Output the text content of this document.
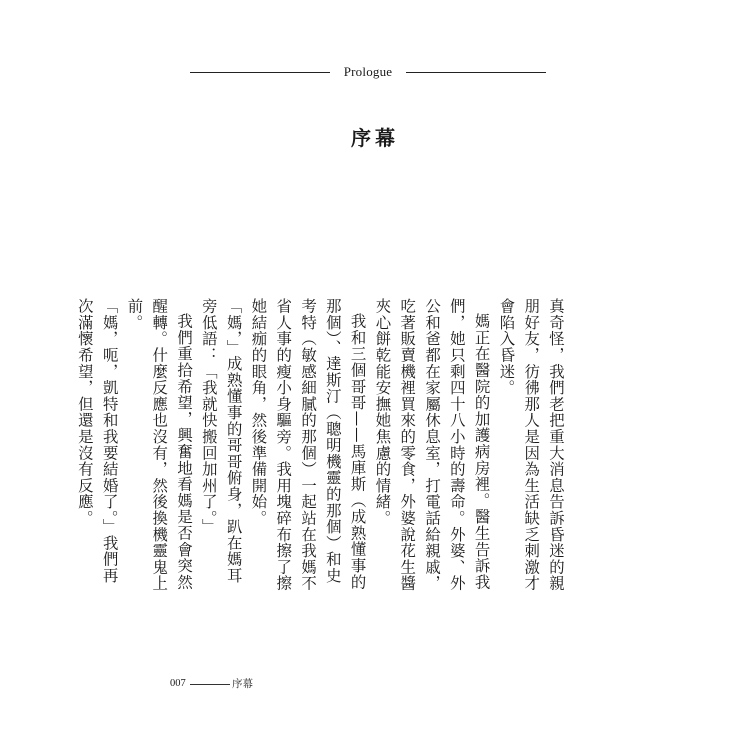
Prologue
序幕

真奇怪，我們老把重大消息告訴昏迷的親朋好友，彷彿那人是因為生活缺乏刺激才會陷入昏迷。

媽正在醫院的加護病房裡。醫生告訴我們，她只剩四十八小時的壽命。外婆、外公和爸都在家屬休息室，打電話給親戚，吃著販賣機裡買來的零食，外婆說花生醬夾心餅乾能安撫她焦慮的情緒。

我和三個哥哥——馬庫斯（成熟懂事的那個）、達斯汀（聰明機靈的那個）和史考特（敏感細膩的那個）一起站在我媽不省人事的瘦小身驅旁。我用塊碎布擦了擦她結痂的眼角，然後準備開始。

「媽，」成熟懂事的哥哥俯身，趴在媽耳旁低語：「我就快搬回加州了。」

我們重拾希望，興奮地看媽是否會突然醒轉。什麼反應也沒有，然後換機靈鬼上前。

「媽，呃，凱特和我要結婚了。」我們再次滿懷希望，但還是沒有反應。

007	序幕
